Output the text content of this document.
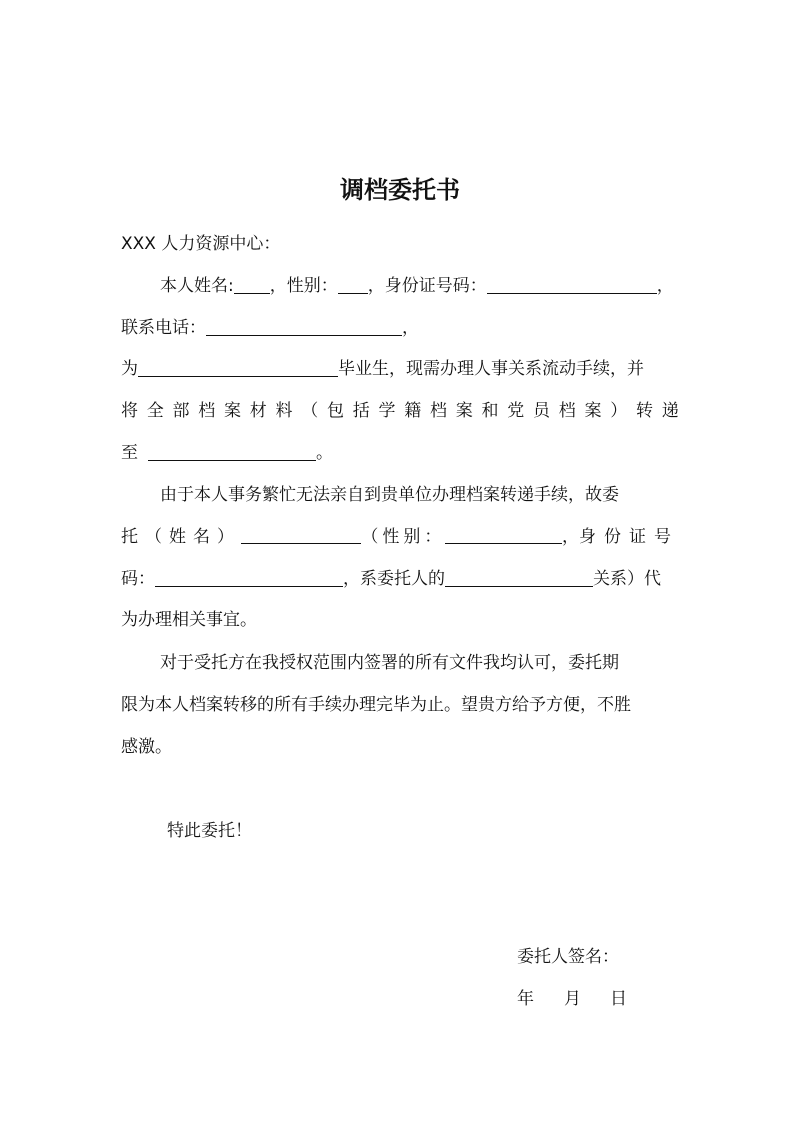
调档委托书
XXX 人力资源中心：
本人姓名: ，性别： ，身份证号码：	，
联系电话：	，
为	毕业生，现需办理人事关系流动手续，并
将 全 部 档 案 材 料 （ 包 括 学 籍 档 案 和 党 员 档 案 ） 转 递
至	。
由于本人事务繁忙无法亲自到贵单位办理档案转递手续，故委
托（姓名）	（性别：	， 身份证号
码：	，系委托人的	关系）代
为办理相关事宜。
对于受托方在我授权范围内签署的所有文件我均认可，委托期
限为本人档案转移的所有手续办理完毕为止。望贵方给予方便，不胜
感激。
特此委托！
委托人签名：
年 月 日
